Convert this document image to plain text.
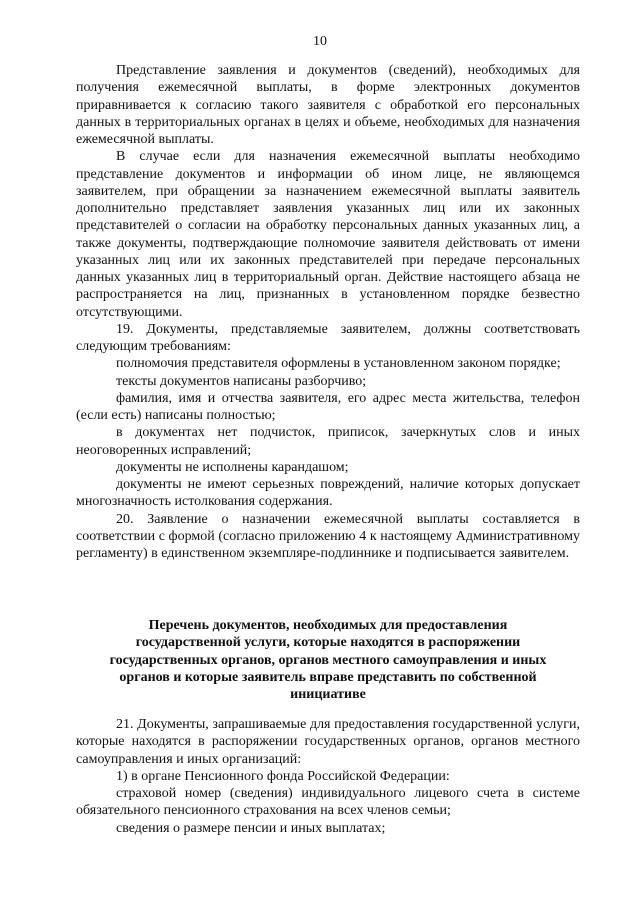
10

Представление заявления и документов (сведений), необходимых для получения ежемесячной выплаты, в форме электронных документов приравнивается к согласию такого заявителя с обработкой его персональных данных в территориальных органах в целях и объеме, необходимых для назначения ежемесячной выплаты.

В случае если для назначения ежемесячной выплаты необходимо представление документов и информации об ином лице, не являющемся заявителем, при обращении за назначением ежемесячной выплаты заявитель дополнительно представляет заявления указанных лиц или их законных представителей о согласии на обработку персональных данных указанных лиц, а также документы, подтверждающие полномочие заявителя действовать от имени указанных лиц или их законных представителей при передаче персональных данных указанных лиц в территориальный орган. Действие настоящего абзаца не распространяется на лиц, признанных в установленном порядке безвестно отсутствующими.

19. Документы, представляемые заявителем, должны соответствовать следующим требованиям:

полномочия представителя оформлены в установленном законом порядке;

тексты документов написаны разборчиво;

фамилия, имя и отчества заявителя, его адрес места жительства, телефон (если есть) написаны полностью;

в документах нет подчисток, приписок, зачеркнутых слов и иных неоговоренных исправлений;

документы не исполнены карандашом;

документы не имеют серьезных повреждений, наличие которых допускает многозначность истолкования содержания.

20. Заявление о назначении ежемесячной выплаты составляется в соответствии с формой (согласно приложению 4 к настоящему Административному регламенту) в единственном экземпляре-подлиннике и подписывается заявителем.

Перечень документов, необходимых для предоставления государственной услуги, которые находятся в распоряжении государственных органов, органов местного самоуправления и иных органов и которые заявитель вправе представить по собственной инициативе

21. Документы, запрашиваемые для предоставления государственной услуги, которые находятся в распоряжении государственных органов, органов местного самоуправления и иных организаций:

1) в органе Пенсионного фонда Российской Федерации:

страховой номер (сведения) индивидуального лицевого счета в системе обязательного пенсионного страхования на всех членов семьи;

сведения о размере пенсии и иных выплатах;
